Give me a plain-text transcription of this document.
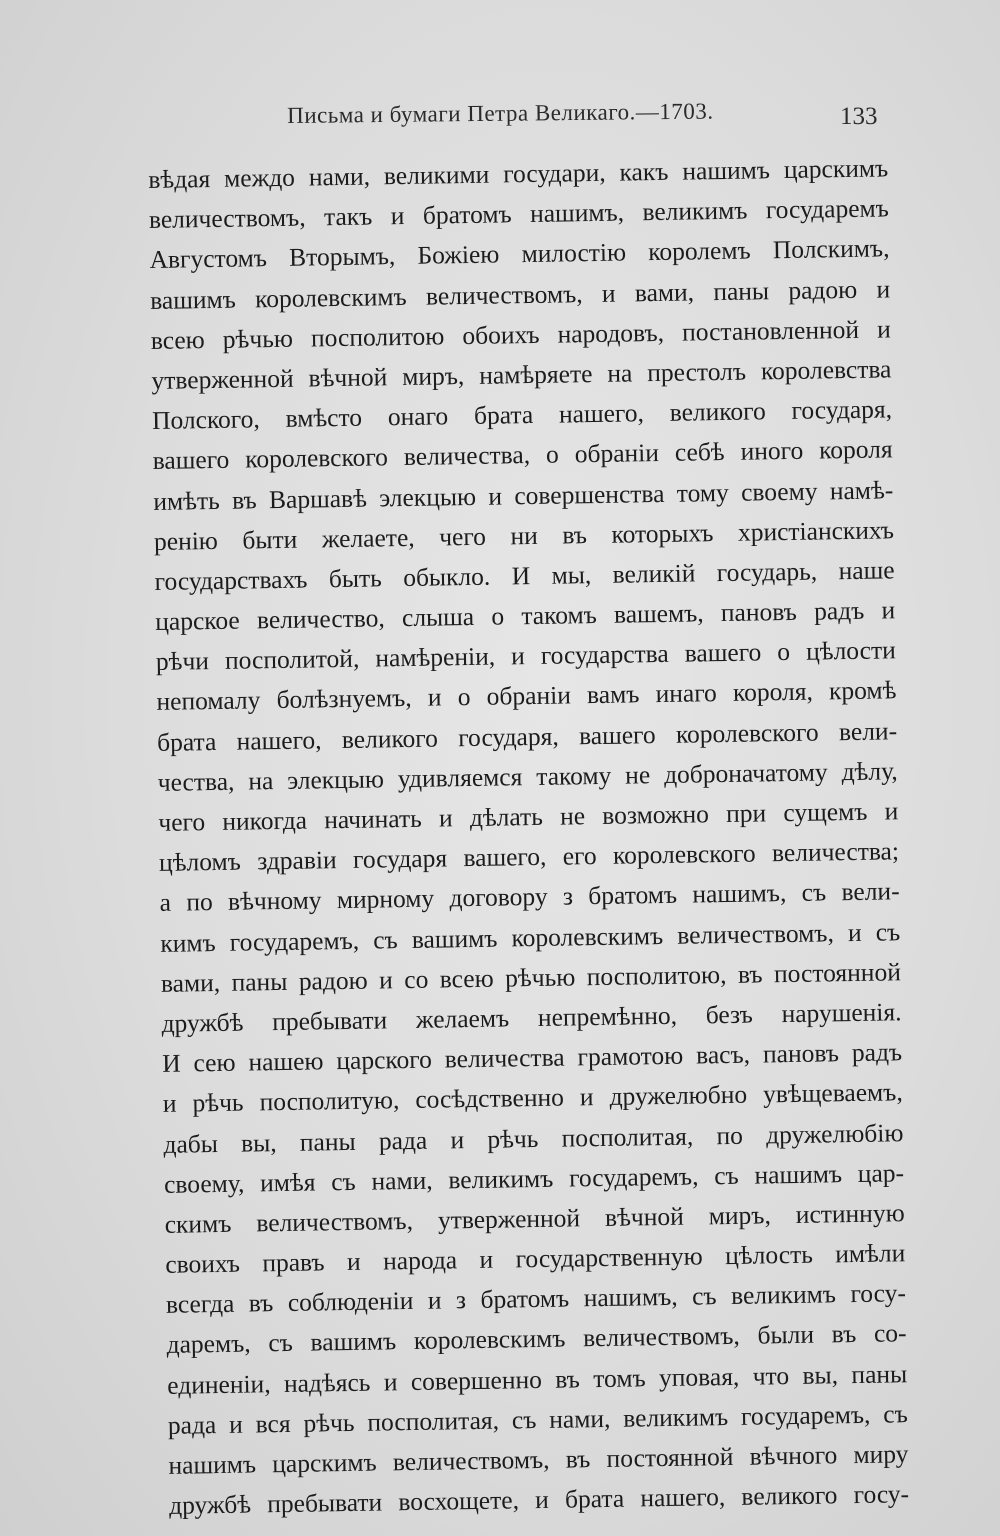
Письма и бумаги Петра Великаго.—1703.	133
вѣдая междо нами, великими государи, какъ нашимъ царскимъ
величествомъ, такъ и братомъ нашимъ, великимъ государемъ
Августомъ Вторымъ, Божiею милостiю королемъ Полскимъ,
вашимъ королевскимъ величествомъ, и вами, паны радою и
всею рѣчью посполитою обоихъ народовъ, постановленной и
утверженной вѣчной миръ, намѣряете на престолъ королевства
Полского, вмѣсто онаго брата нашего, великого государя,
вашего королевского величества, о обранiи себѣ иного короля
имѣть въ Варшавѣ элекцыю и совершенства тому своему намѣ-
ренiю быти желаете, чего ни въ которыхъ христiанскихъ
государствахъ быть обыкло. И мы, великiй государь, наше
царское величество, слыша о такомъ вашемъ, пановъ радъ и
рѣчи посполитой, намѣренiи, и государства вашего о цѣлости
непомалу болѣзнуемъ, и о обранiи вамъ инаго короля, кромѣ
брата нашего, великого государя, вашего королевского вели-
чества, на элекцыю удивляемся такому не доброначатому дѣлу,
чего никогда начинать и дѣлать не возможно при сущемъ и
цѣломъ здравiи государя вашего, его королевского величества;
а по вѣчному мирному договору з братомъ нашимъ, съ вели-
кимъ государемъ, съ вашимъ королевскимъ величествомъ, и съ
вами, паны радою и со всею рѣчью посполитою, въ постоянной
дружбѣ пребывати желаемъ непремѣнно, безъ нарушенiя.
И сею нашею царского величества грамотою васъ, пановъ радъ
и рѣчь посполитую, сосѣдственно и дружелюбно увѣщеваемъ,
дабы вы, паны рада и рѣчь посполитая, по дружелюбiю
своему, имѣя съ нами, великимъ государемъ, съ нашимъ цар-
скимъ величествомъ, утверженной вѣчной миръ, истинную
своихъ правъ и народа и государственную цѣлость имѣли
всегда въ соблюденiи и з братомъ нашимъ, съ великимъ госу-
даремъ, съ вашимъ королевскимъ величествомъ, были въ со-
единенiи, надѣясь и совершенно въ томъ уповая, что вы, паны
рада и вся рѣчь посполитая, съ нами, великимъ государемъ, съ
нашимъ царскимъ величествомъ, въ постоянной вѣчного миру
дружбѣ пребывати восхощете, и брата нашего, великого госу-
